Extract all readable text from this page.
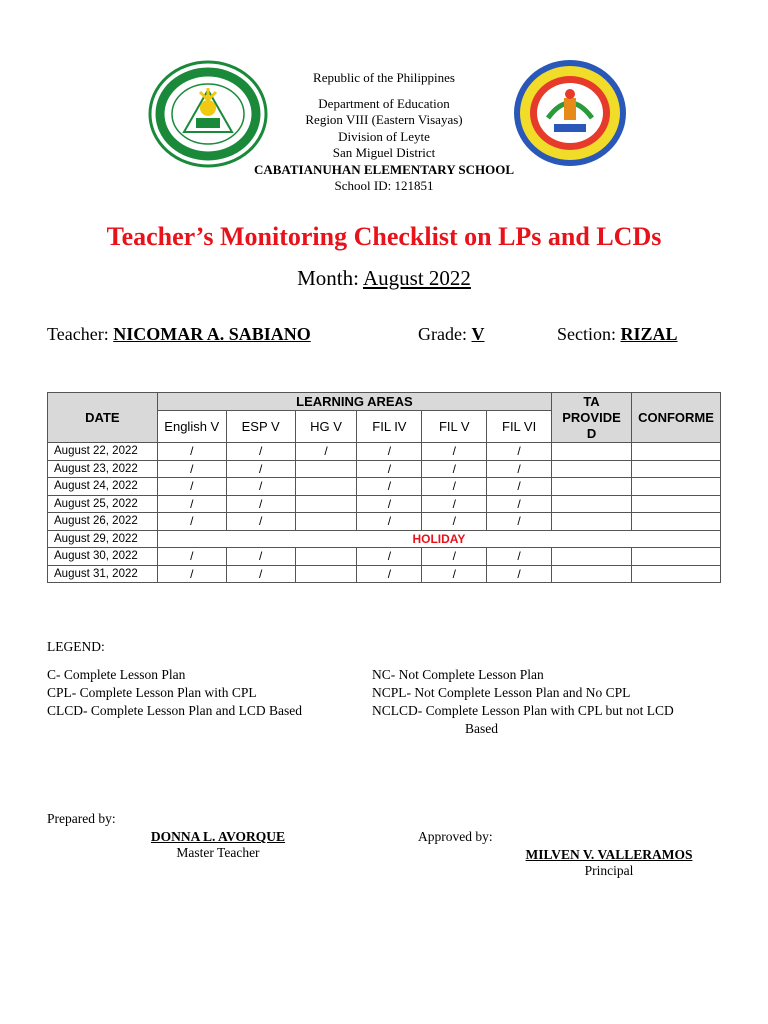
Republic of the Philippines
Department of Education
Region VIII (Eastern Visayas)
Division of Leyte
San Miguel District
CABATIANUHAN ELEMENTARY SCHOOL
School ID: 121851
Teacher’s Monitoring Checklist on LPs and LCDs
Month: August 2022
Teacher: NICOMAR A. SABIANO	Grade: V	Section: RIZAL
DATE	LEARNING AREAS						TA PROVIDE D	CONFORME
	English V	ESP V	HG V	FIL IV	FIL V	FIL VI		
August 22, 2022	/	/	/	/	/	/		
August 23, 2022	/	/		/	/	/		
August 24, 2022	/	/		/	/	/		
August 25, 2022	/	/		/	/	/		
August 26, 2022	/	/		/	/	/		
August 29, 2022	HOLIDAY							
August 30, 2022	/	/		/	/	/		
August 31, 2022	/	/		/	/	/		
LEGEND:
C- Complete Lesson Plan
CPL- Complete Lesson Plan with CPL
CLCD- Complete Lesson Plan and LCD Based
NC- Not Complete Lesson Plan
NCPL- Not Complete Lesson Plan and No CPL
NCLCD- Complete Lesson Plan with CPL but not LCD
Based
Prepared by:
DONNA L. AVORQUE
Master Teacher
Approved by:
MILVEN V. VALLERAMOS
Principal
